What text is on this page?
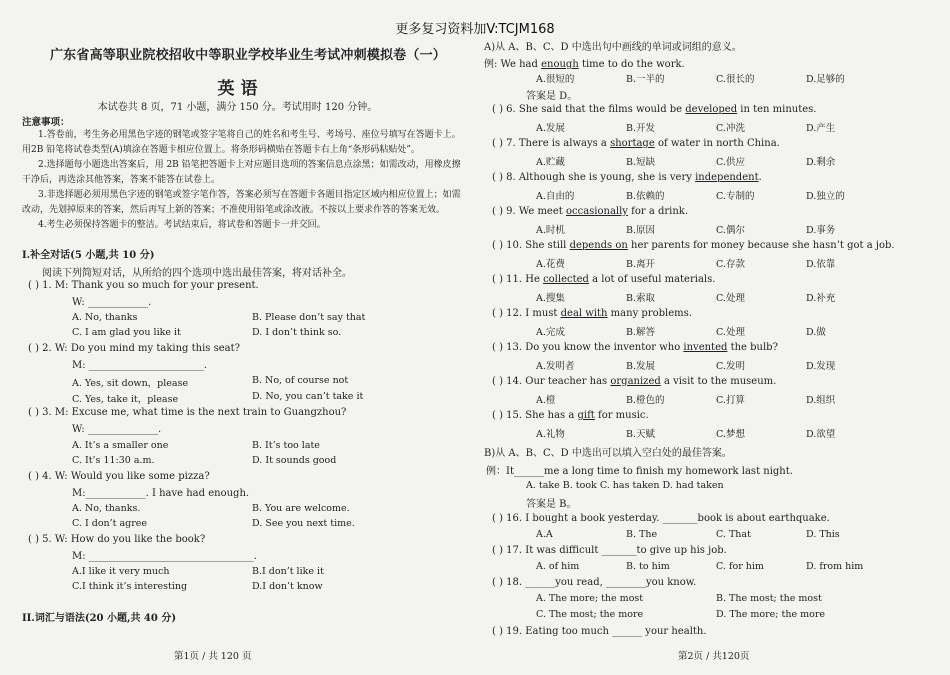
更多复习资料加V:TCJM168
广东省高等职业院校招收中等职业学校毕业生考试冲刺模拟卷（一）
英 语
本试卷共 8 页，71 小题，满分 150 分。考试用时 120 分钟。
注意事项：

1.答卷前，考生务必用黑色字迹的钢笔或签字笔将自己的姓名和考生号、考场号、座位号填写在答题卡上。用2B 铅笔将试卷类型(A)填涂在答题卡相应位置上。将条形码横贴在答题卡右上角“条形码粘贴处”。

2.选择题每小题选出答案后，用 2B 铅笔把答题卡上对应题目选项的答案信息点涂黑；如需改动，用橡皮擦干净后，再选涂其他答案，答案不能答在试卷上。

3.非选择题必须用黑色字迹的钢笔或签字笔作答，答案必须写在答题卡各题目指定区域内相应位置上；如需改动，先划掉原来的答案，然后再写上新的答案；不准使用铅笔或涂改液。不按以上要求作答的答案无效。

4.考生必须保持答题卡的整洁。考试结束后，将试卷和答题卡一并交回。

I.补全对话(5 小题,共 10 分)
阅读下列简短对话，从所给的四个选项中选出最佳答案，将对话补全。
( ) 1. M: Thank you so much for your present.
W: ____________.
A. No, thanks	B. Please don’t say that
C. I am glad you like it	D. I don’t think so.
( ) 2. W: Do you mind my taking this seat?
M: _______________________.
A. Yes, sit down，please	B. No, of course not
C. Yes, take it，please	D. No, you can’t take it
( ) 3. M: Excuse me, what time is the next train to Guangzhou?
W: ______________.
A. It’s a smaller one	B. It’s too late
C. It’s 11:30 a.m.	D. It sounds good
( ) 4. W: Would you like some pizza?
M:____________. I have had enough.
A. No, thanks.	B. You are welcome.
C. I don’t agree	D. See you next time.
( ) 5. W: How do you like the book?
M: _________________________________.
A.I like it very much	B.I don’t like it
C.I think it’s interesting	D.I don’t know
II.词汇与语法(20 小题,共 40 分)
第1页 / 共 120 页
A)从 A、B、C、D 中选出句中画线的单词或词组的意义。
例: We had enough time to do the work.
A.很短的	B.一半的	C.很长的	D.足够的
答案是 D。
( ) 6. She said that the films would be developed in ten minutes.
A.发展	B.开发	C.冲洗	D.产生
( ) 7. There is always a shortage of water in north China.
A.贮藏	B.短缺	C.供应	D.剩余
( ) 8. Although she is young, she is very independent.
A.自由的	B.依赖的	C.专制的	D.独立的
( ) 9. We meet occasionally for a drink.
A.时机	B.原因	C.偶尔	D.事务
( ) 10. She still depends on her parents for money because she hasn’t got a job.
A.花费	B.离开	C.存款	D.依靠
( ) 11. He collected a lot of useful materials.
A.搜集	B.索取	C.处理	D.补充
( ) 12. I must deal with many problems.
A.完成	B.解答	C.处理	D.做
( ) 13. Do you know the inventor who invented the bulb?
A.发明者	B.发展	C.发明	D.发现
( ) 14. Our teacher has organized a visit to the museum.
A.橙	B.橙色的	C.打算	D.组织
( ) 15. She has a gift for music.
A.礼物	B.天赋	C.梦想	D.欲望
B)从 A、B、C、D 中选出可以填入空白处的最佳答案。
例：It______me a long time to finish my homework last night.
A. take B. took C. has taken D. had taken
答案是 B。
( ) 16. I bought a book yesterday. _______book is about earthquake.
A.A	B. The	C. That	D. This
( ) 17. It was difficult _______to give up his job.
A. of him	B. to him	C. for him	D. from him
( ) 18. ______you read, ________you know.
A. The more; the most	B. The most; the most
C. The most; the more	D. The more; the more
( ) 19. Eating too much ______ your health.
第2页 / 共120页
